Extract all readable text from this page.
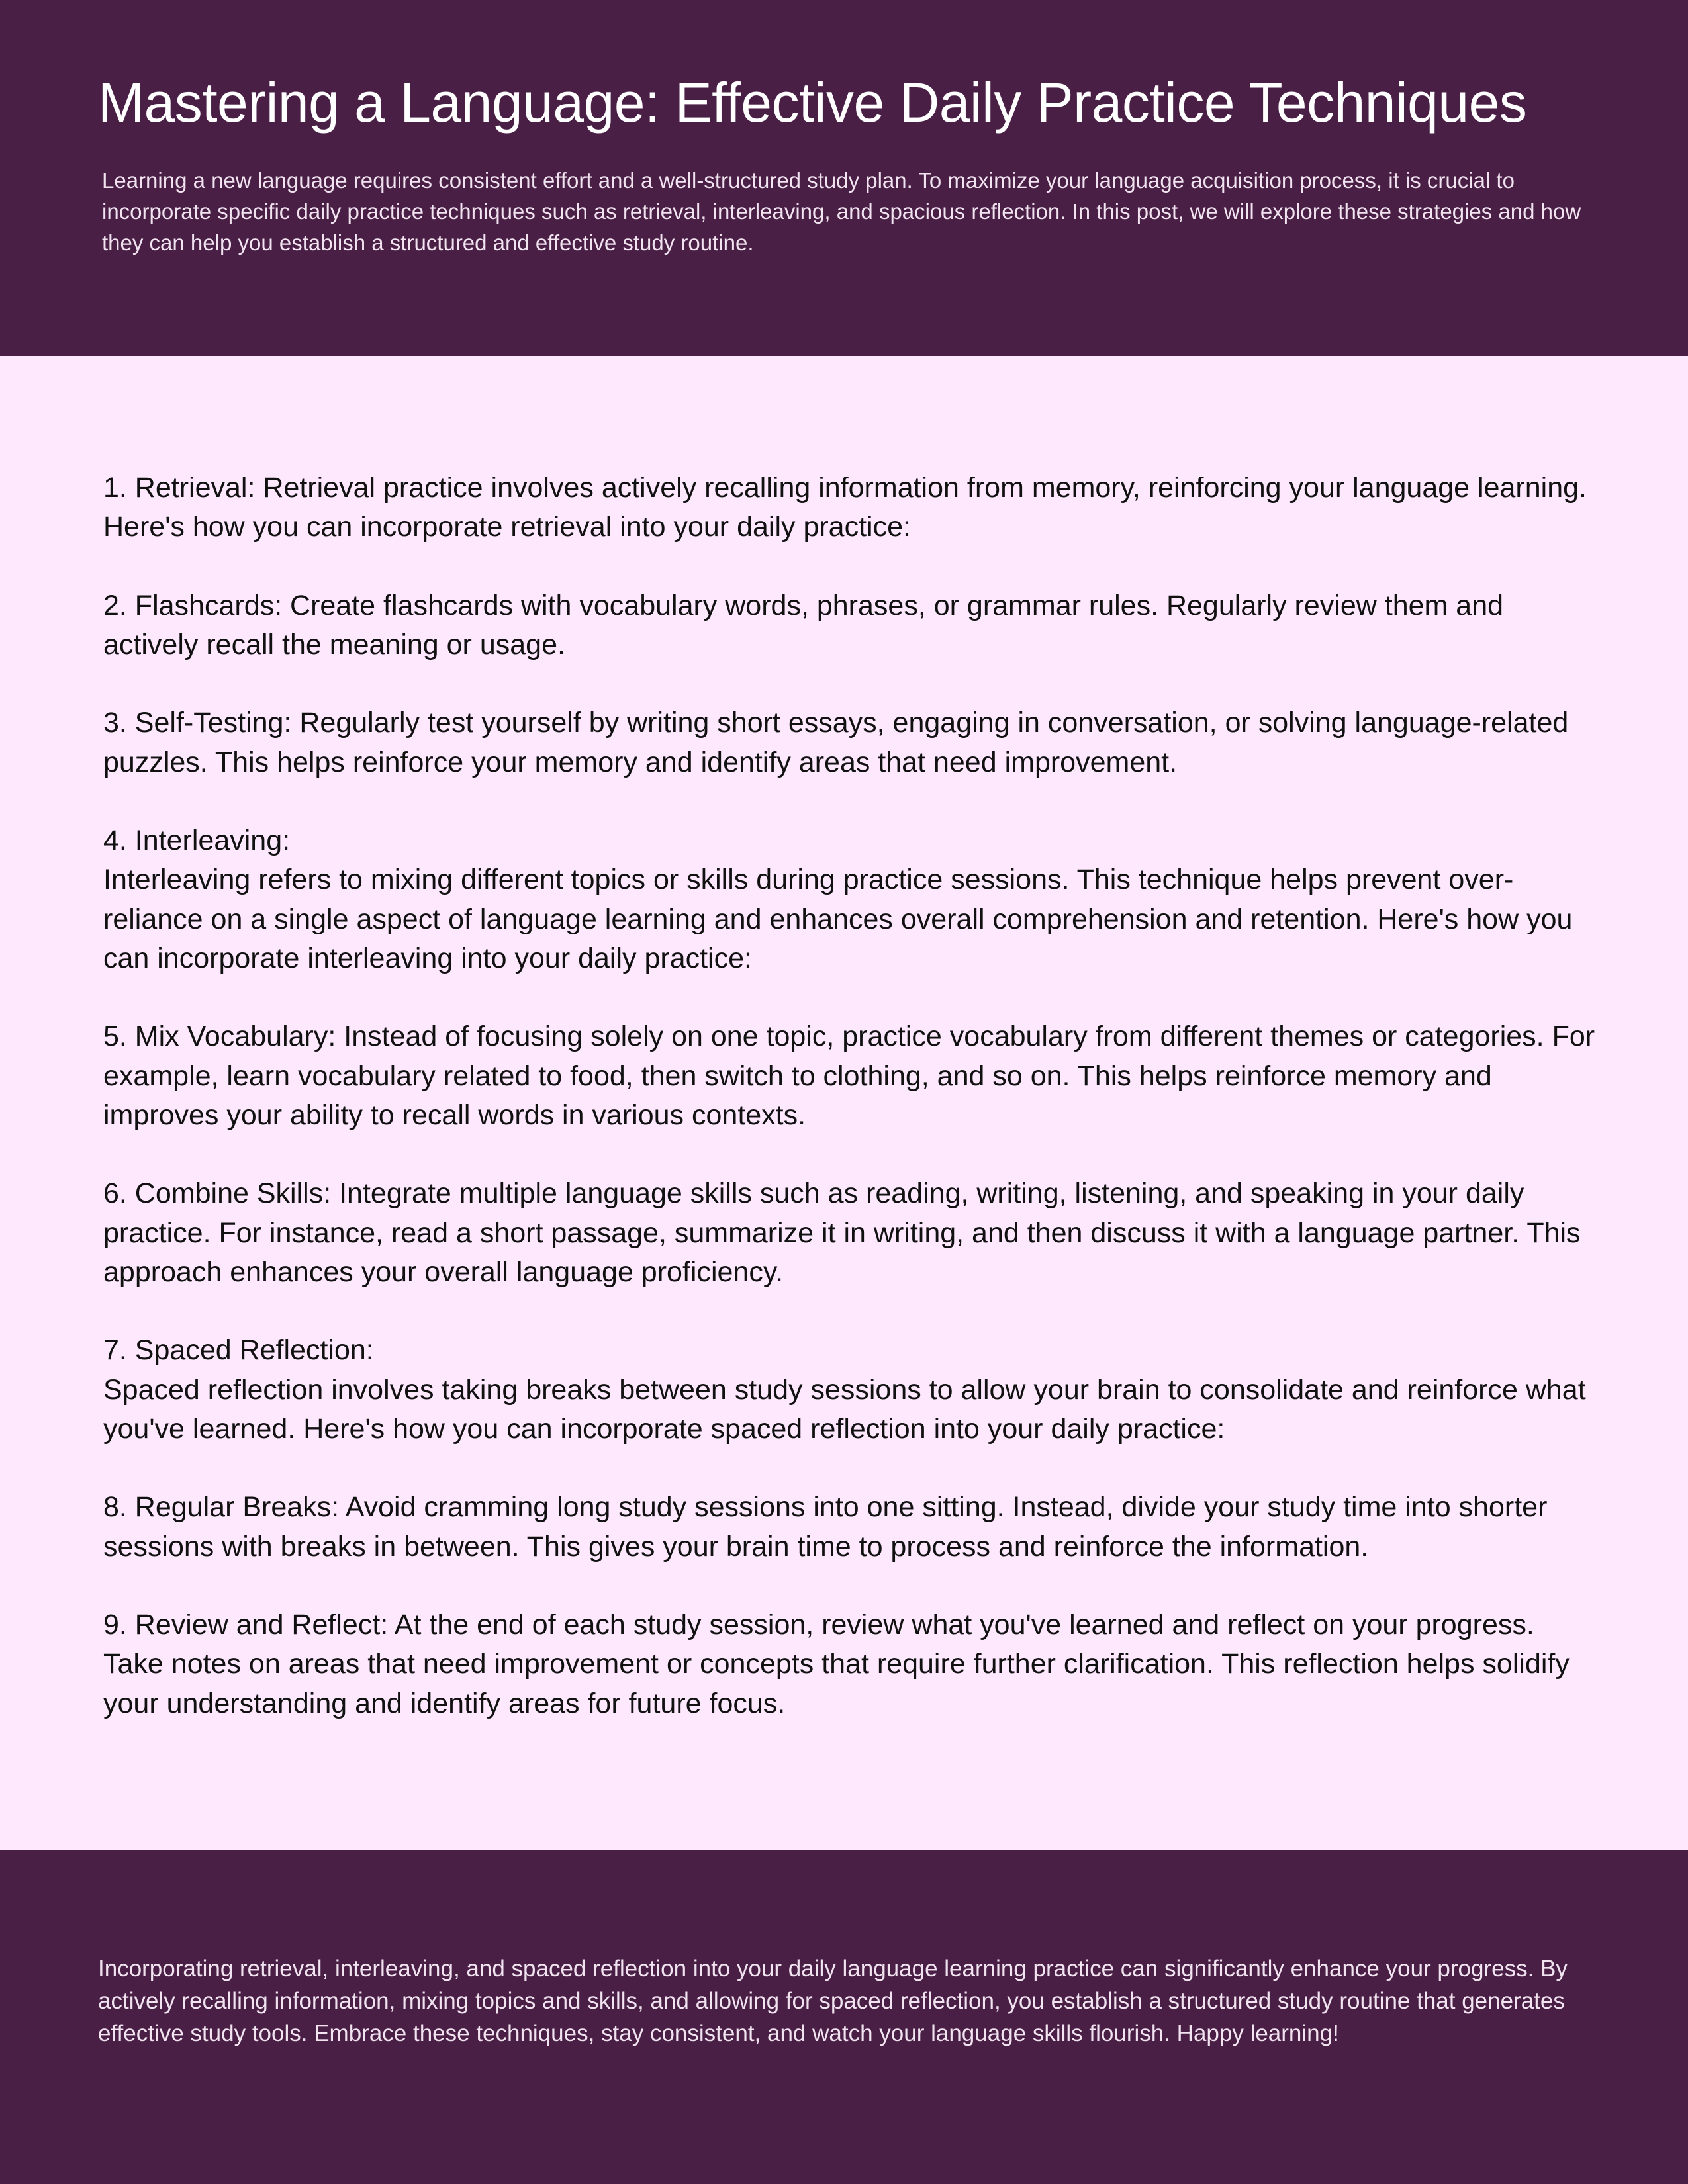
Mastering a Language: Effective Daily Practice Techniques

Learning a new language requires consistent effort and a well-structured study plan. To maximize your language acquisition process, it is crucial to incorporate specific daily practice techniques such as retrieval, interleaving, and spacious reflection. In this post, we will explore these strategies and how they can help you establish a structured and effective study routine.

1. Retrieval: Retrieval practice involves actively recalling information from memory, reinforcing your language learning. Here's how you can incorporate retrieval into your daily practice:

2. Flashcards: Create flashcards with vocabulary words, phrases, or grammar rules. Regularly review them and actively recall the meaning or usage.

3. Self-Testing: Regularly test yourself by writing short essays, engaging in conversation, or solving language-related puzzles. This helps reinforce your memory and identify areas that need improvement.

4. Interleaving:
Interleaving refers to mixing different topics or skills during practice sessions. This technique helps prevent over-reliance on a single aspect of language learning and enhances overall comprehension and retention. Here's how you can incorporate interleaving into your daily practice:

5. Mix Vocabulary: Instead of focusing solely on one topic, practice vocabulary from different themes or categories. For example, learn vocabulary related to food, then switch to clothing, and so on. This helps reinforce memory and improves your ability to recall words in various contexts.

6. Combine Skills: Integrate multiple language skills such as reading, writing, listening, and speaking in your daily practice. For instance, read a short passage, summarize it in writing, and then discuss it with a language partner. This approach enhances your overall language proficiency.

7. Spaced Reflection:
Spaced reflection involves taking breaks between study sessions to allow your brain to consolidate and reinforce what you've learned. Here's how you can incorporate spaced reflection into your daily practice:

8. Regular Breaks: Avoid cramming long study sessions into one sitting. Instead, divide your study time into shorter sessions with breaks in between. This gives your brain time to process and reinforce the information.

9. Review and Reflect: At the end of each study session, review what you've learned and reflect on your progress. Take notes on areas that need improvement or concepts that require further clarification. This reflection helps solidify your understanding and identify areas for future focus.

Incorporating retrieval, interleaving, and spaced reflection into your daily language learning practice can significantly enhance your progress. By actively recalling information, mixing topics and skills, and allowing for spaced reflection, you establish a structured study routine that generates effective study tools. Embrace these techniques, stay consistent, and watch your language skills flourish. Happy learning!
